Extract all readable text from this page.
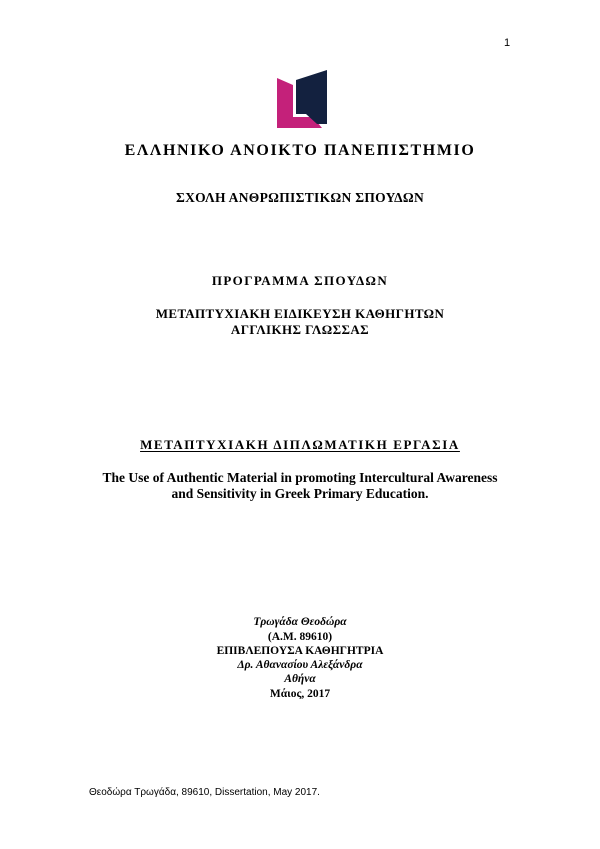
1
ΕΛΛΗΝΙΚΟ ΑΝΟΙΚΤΟ ΠΑΝΕΠΙΣΤΗΜΙΟ
ΣΧΟΛΗ ΑΝΘΡΩΠΙΣΤΙΚΩΝ ΣΠΟΥΔΩΝ
ΠΡΟΓΡΑΜΜΑ ΣΠΟΥΔΩΝ
ΜΕΤΑΠΤΥΧΙΑΚΗ ΕΙΔΙΚΕΥΣΗ ΚΑΘΗΓΗΤΩΝ
ΑΓΓΛΙΚΗΣ ΓΛΩΣΣΑΣ
ΜΕΤΑΠΤΥΧΙΑΚΗ ΔΙΠΛΩΜΑΤΙΚΗ ΕΡΓΑΣΙΑ
The Use of Authentic Material in promoting Intercultural Awareness
and Sensitivity in Greek Primary Education.
Τρωγάδα Θεοδώρα
(Α.Μ. 89610)
ΕΠΙΒΛΕΠΟΥΣΑ ΚΑΘΗΓΗΤΡΙΑ
Δρ. Αθανασίου Αλεξάνδρα
Αθήνα
Μάιος, 2017
Θεοδώρα Τρωγάδα, 89610, Dissertation, May 2017.
